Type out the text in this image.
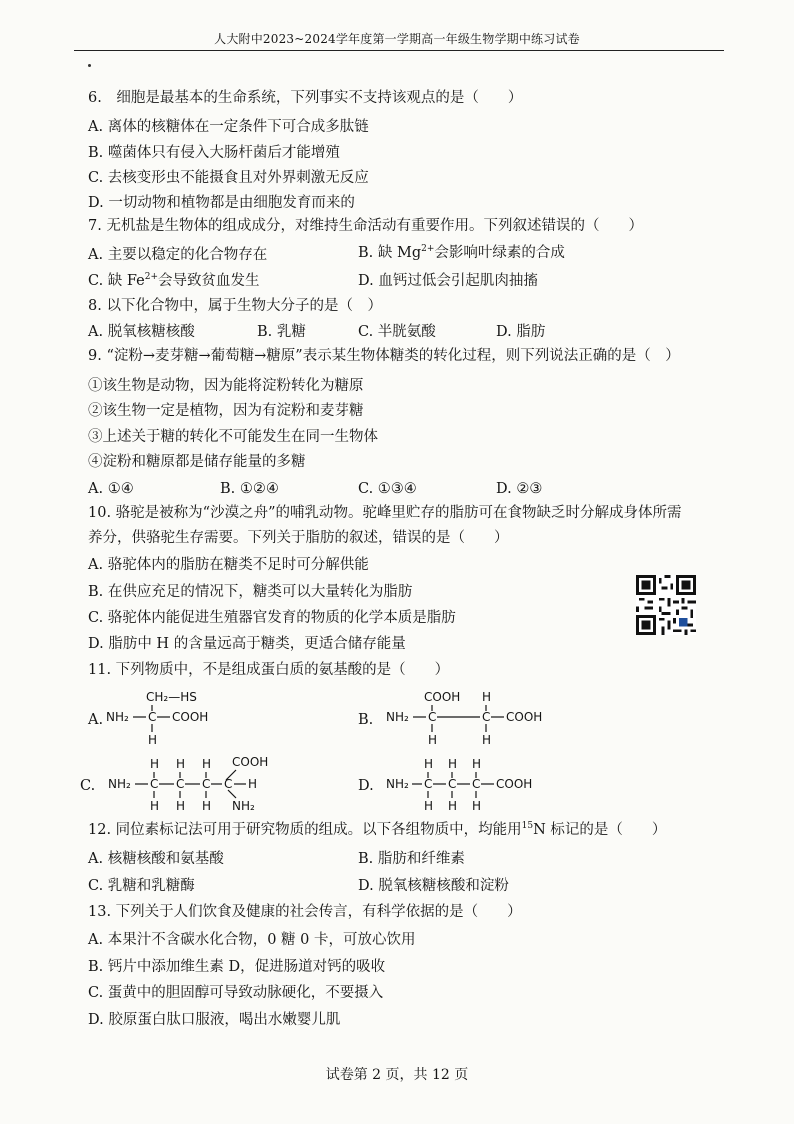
人大附中2023~2024学年度第一学期高一年级生物学期中练习试卷
6.　细胞是最基本的生命系统，下列事实不支持该观点的是（　　）
A. 离体的核糖体在一定条件下可合成多肽链
B. 噬菌体只有侵入大肠杆菌后才能增殖
C. 去核变形虫不能摄食且对外界刺激无反应
D. 一切动物和植物都是由细胞发育而来的
7. 无机盐是生物体的组成成分，对维持生命活动有重要作用。下列叙述错误的（　　）
A. 主要以稳定的化合物存在	B. 缺 $Mg^{2+}$会影响叶绿素的合成
C. 缺 $Fe^{2+}$会导致贫血发生	D. 血钙过低会引起肌肉抽搐
8. 以下化合物中，属于生物大分子的是（　）
A. 脱氧核糖核酸	B. 乳糖	C. 半胱氨酸	D. 脂肪
9. “淀粉→麦芽糖→葡萄糖→糖原”表示某生物体糖类的转化过程，则下列说法正确的是（　）
①该生物是动物，因为能将淀粉转化为糖原
②该生物一定是植物，因为有淀粉和麦芽糖
③上述关于糖的转化不可能发生在同一生物体
④淀粉和糖原都是储存能量的多糖
A. ①④	B. ①②④	C. ①③④	D. ②③
10. 骆驼是被称为“沙漠之舟”的哺乳动物。驼峰里贮存的脂肪可在食物缺乏时分解成身体所需
养分，供骆驼生存需要。下列关于脂肪的叙述，错误的是（　　）
A. 骆驼体内的脂肪在糖类不足时可分解供能
B. 在供应充足的情况下，糖类可以大量转化为脂肪
C. 骆驼体内能促进生殖器官发育的物质的化学本质是脂肪
D. 脂肪中 H 的含量远高于糖类，更适合储存能量
11. 下列物质中，不是组成蛋白质的氨基酸的是（　　）
A.
CH₂—HS
NH₂ C COOH
H
B.
COOH H
NH₂ C	C COOH
H	H
C.
COOH
H H H
NH₂ C C C C H
H H H NH₂
D.
H H H
NH₂ C C C COOH
H H H
12. 同位素标记法可用于研究物质的组成。以下各组物质中，均能用$^{15}$N 标记的是（　　）
A. 核糖核酸和氨基酸	B. 脂肪和纤维素
C. 乳糖和乳糖酶	D. 脱氧核糖核酸和淀粉
13. 下列关于人们饮食及健康的社会传言，有科学依据的是（　　）
A. 本果汁不含碳水化合物，0 糖 0 卡，可放心饮用
B. 钙片中添加维生素 D，促进肠道对钙的吸收
C. 蛋黄中的胆固醇可导致动脉硬化，不要摄入
D. 胶原蛋白肽口服液，喝出水嫩婴儿肌
试卷第 2 页，共 12 页
